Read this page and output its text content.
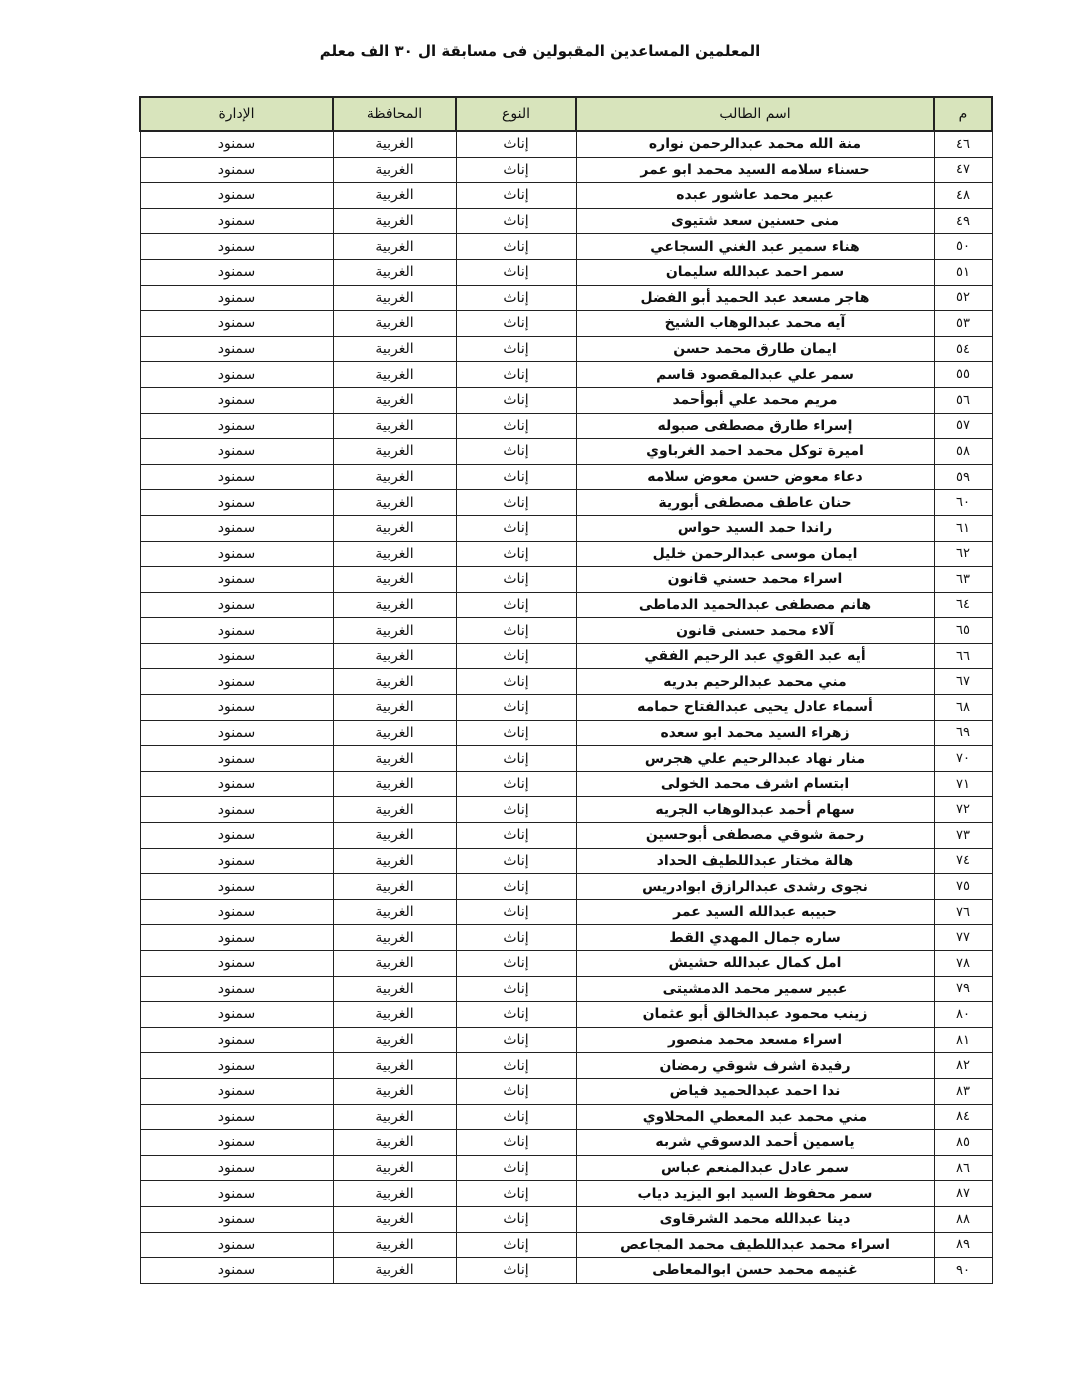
المعلمين المساعدين المقبولين فى مسابقة ال ٣٠ الف معلم
م	اسم الطالب	النوع	المحافظة	الإدارة
٤٦	منة الله محمد عبدالرحمن نواره	إناث	الغربية	سمنود
٤٧	حسناء سلامه السيد محمد ابو عمر	إناث	الغربية	سمنود
٤٨	عبير محمد عاشور عبده	إناث	الغربية	سمنود
٤٩	منى حسنين سعد شتيوى	إناث	الغربية	سمنود
٥٠	هناء سمير عبد الغني السجاعي	إناث	الغربية	سمنود
٥١	سمر احمد عبدالله سليمان	إناث	الغربية	سمنود
٥٢	هاجر مسعد عبد الحميد أبو الفضل	إناث	الغربية	سمنود
٥٣	آيه محمد عبدالوهاب الشيخ	إناث	الغربية	سمنود
٥٤	ايمان طارق محمد حسن	إناث	الغربية	سمنود
٥٥	سمر علي عبدالمقصود قاسم	إناث	الغربية	سمنود
٥٦	مريم محمد علي أبوأحمد	إناث	الغربية	سمنود
٥٧	إسراء طارق مصطفى صبوله	إناث	الغربية	سمنود
٥٨	اميرة توكل محمد احمد الغرباوي	إناث	الغربية	سمنود
٥٩	دعاء معوض حسن معوض سلامه	إناث	الغربية	سمنود
٦٠	حنان عاطف مصطفى أبورية	إناث	الغربية	سمنود
٦١	راندا حمد السيد حواس	إناث	الغربية	سمنود
٦٢	ايمان موسى عبدالرحمن خليل	إناث	الغربية	سمنود
٦٣	اسراء محمد حسني قانون	إناث	الغربية	سمنود
٦٤	هانم مصطفى عبدالحميد الدماطى	إناث	الغربية	سمنود
٦٥	آلاء محمد حسنى قانون	إناث	الغربية	سمنود
٦٦	أيه عبد القوي عبد الرحيم الفقي	إناث	الغربية	سمنود
٦٧	مني محمد عبدالرحيم بدريه	إناث	الغربية	سمنود
٦٨	أسماء عادل يحيى عبدالفتاح حمامه	إناث	الغربية	سمنود
٦٩	زهراء السيد محمد ابو سعده	إناث	الغربية	سمنود
٧٠	منار نهاد عبدالرحيم علي هجرس	إناث	الغربية	سمنود
٧١	ابتسام اشرف محمد الخولى	إناث	الغربية	سمنود
٧٢	سهام أحمد عبدالوهاب الجريه	إناث	الغربية	سمنود
٧٣	رحمة شوقي مصطفى أبوحسين	إناث	الغربية	سمنود
٧٤	هالة مختار عبداللطيف الحداد	إناث	الغربية	سمنود
٧٥	نجوى رشدى عبدالرازق ابوادريس	إناث	الغربية	سمنود
٧٦	حبيبه عبدالله السيد عمر	إناث	الغربية	سمنود
٧٧	ساره جمال المهدي القط	إناث	الغربية	سمنود
٧٨	امل كمال عبدالله حشيش	إناث	الغربية	سمنود
٧٩	عبير سمير محمد الدمشيتى	إناث	الغربية	سمنود
٨٠	زينب محمود عبدالخالق أبو عثمان	إناث	الغربية	سمنود
٨١	اسراء مسعد محمد منصور	إناث	الغربية	سمنود
٨٢	رفيدة اشرف شوقي رمضان	إناث	الغربية	سمنود
٨٣	ندا احمد عبدالحميد فياض	إناث	الغربية	سمنود
٨٤	مني محمد عبد المعطي المحلاوي	إناث	الغربية	سمنود
٨٥	ياسمين أحمد الدسوقي شربه	إناث	الغربية	سمنود
٨٦	سمر عادل عبدالمنعم عباس	إناث	الغربية	سمنود
٨٧	سمر محفوظ السيد ابو اليزيد دياب	إناث	الغربية	سمنود
٨٨	دينا عبدالله محمد الشرقاوى	إناث	الغربية	سمنود
٨٩	اسراء محمد عبداللطيف محمد المجاعص	إناث	الغربية	سمنود
٩٠	غنيمه محمد حسن ابوالمعاطى	إناث	الغربية	سمنود
